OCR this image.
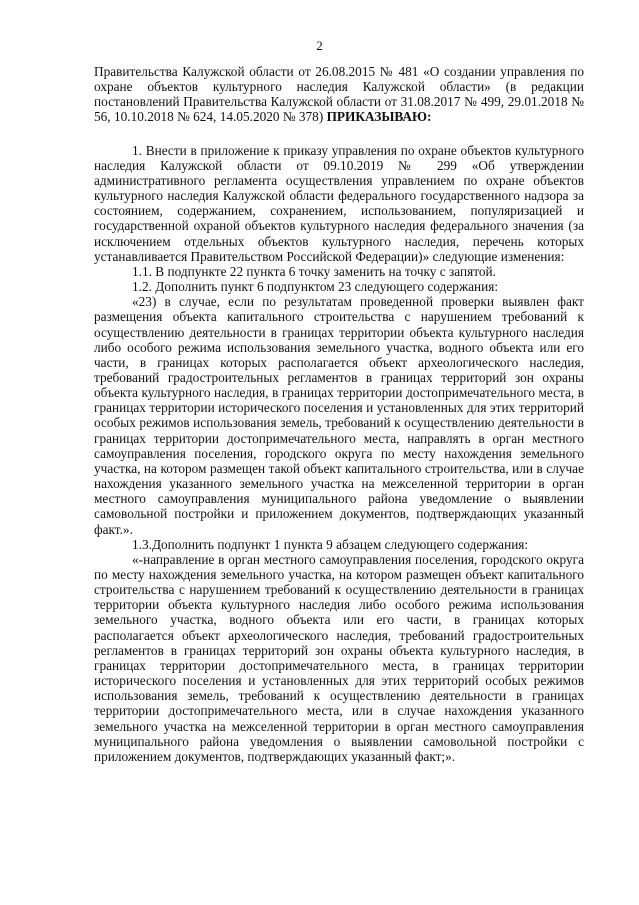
2

Правительства Калужской области от 26.08.2015 № 481 «О создании управления по охране объектов культурного наследия Калужской области» (в редакции постановлений Правительства Калужской области от 31.08.2017 № 499, 29.01.2018 № 56, 10.10.2018 № 624, 14.05.2020 № 378) ПРИКАЗЫВАЮ:

1. Внести в приложение к приказу управления по охране объектов культурного наследия Калужской области от 09.10.2019 № 299 «Об утверждении административного регламента осуществления управлением по охране объектов культурного наследия Калужской области федерального государственного надзора за состоянием, содержанием, сохранением, использованием, популяризацией и государственной охраной объектов культурного наследия федерального значения (за исключением отдельных объектов культурного наследия, перечень которых устанавливается Правительством Российской Федерации)» следующие изменения:

1.1. В подпункте 22 пункта 6 точку заменить на точку с запятой.

1.2. Дополнить пункт 6 подпунктом 23 следующего содержания:

«23) в случае, если по результатам проведенной проверки выявлен факт размещения объекта капитального строительства с нарушением требований к осуществлению деятельности в границах территории объекта культурного наследия либо особого режима использования земельного участка, водного объекта или его части, в границах которых располагается объект археологического наследия, требований градостроительных регламентов в границах территорий зон охраны объекта культурного наследия, в границах территории достопримечательного места, в границах территории исторического поселения и установленных для этих территорий особых режимов использования земель, требований к осуществлению деятельности в границах территории достопримечательного места, направлять в орган местного самоуправления поселения, городского округа по месту нахождения земельного участка, на котором размещен такой объект капитального строительства, или в случае нахождения указанного земельного участка на межселенной территории в орган местного самоуправления муниципального района уведомление о выявлении самовольной постройки и приложением документов, подтверждающих указанный факт.».

1.3.Дополнить подпункт 1 пункта 9 абзацем следующего содержания:

«-направление в орган местного самоуправления поселения, городского округа по месту нахождения земельного участка, на котором размещен объект капитального строительства с нарушением требований к осуществлению деятельности в границах территории объекта культурного наследия либо особого режима использования земельного участка, водного объекта или его части, в границах которых располагается объект археологического наследия, требований градостроительных регламентов в границах территорий зон охраны объекта культурного наследия, в границах территории достопримечательного места, в границах территории исторического поселения и установленных для этих территорий особых режимов использования земель, требований к осуществлению деятельности в границах территории достопримечательного места, или в случае нахождения указанного земельного участка на межселенной территории в орган местного самоуправления муниципального района уведомления о выявлении самовольной постройки с приложением документов, подтверждающих указанный факт;».
